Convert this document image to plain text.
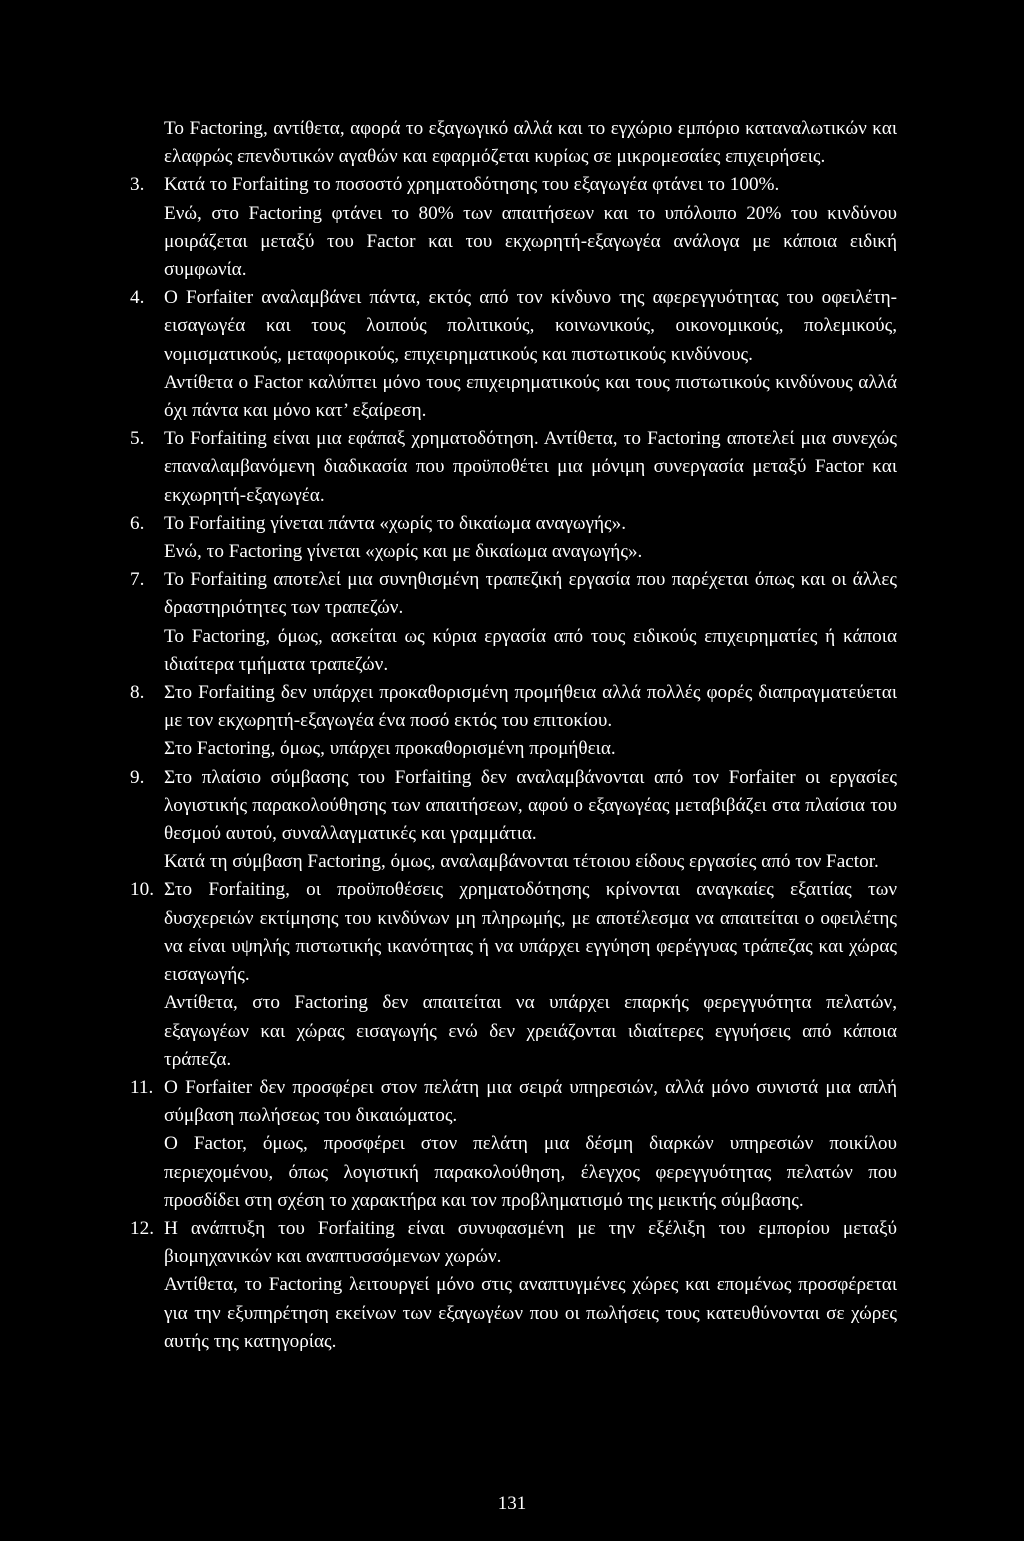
Το Factoring, αντίθετα, αφορά το εξαγωγικό αλλά και το εγχώριο εμπόριο καταναλωτικών και ελαφρώς επενδυτικών αγαθών και εφαρμόζεται κυρίως σε μικρομεσαίες επιχειρήσεις.
3. Κατά το Forfaiting το ποσοστό χρηματοδότησης του εξαγωγέα φτάνει το 100%.
Ενώ, στο Factoring φτάνει το 80% των απαιτήσεων και το υπόλοιπο 20% του κινδύνου μοιράζεται μεταξύ του Factor και του εκχωρητή-εξαγωγέα ανάλογα με κάποια ειδική συμφωνία.
4. Ο Forfaiter αναλαμβάνει πάντα, εκτός από τον κίνδυνο της αφερεγγυότητας του οφειλέτη-εισαγωγέα και τους λοιπούς πολιτικούς, κοινωνικούς, οικονομικούς, πολεμικούς, νομισματικούς, μεταφορικούς, επιχειρηματικούς και πιστωτικούς κινδύνους.
Αντίθετα ο Factor καλύπτει μόνο τους επιχειρηματικούς και τους πιστωτικούς κινδύνους αλλά όχι πάντα και μόνο κατ’ εξαίρεση.
5. Το Forfaiting είναι μια εφάπαξ χρηματοδότηση. Αντίθετα, το Factoring αποτελεί μια συνεχώς επαναλαμβανόμενη διαδικασία που προϋποθέτει μια μόνιμη συνεργασία μεταξύ Factor και εκχωρητή-εξαγωγέα.
6. Το Forfaiting γίνεται πάντα «χωρίς το δικαίωμα αναγωγής».
Ενώ, το Factoring γίνεται «χωρίς και με δικαίωμα αναγωγής».
7. Το Forfaiting αποτελεί μια συνηθισμένη τραπεζική εργασία που παρέχεται όπως και οι άλλες δραστηριότητες των τραπεζών.
Το Factoring, όμως, ασκείται ως κύρια εργασία από τους ειδικούς επιχειρηματίες ή κάποια ιδιαίτερα τμήματα τραπεζών.
8. Στο Forfaiting δεν υπάρχει προκαθορισμένη προμήθεια αλλά πολλές φορές διαπραγματεύεται με τον εκχωρητή-εξαγωγέα ένα ποσό εκτός του επιτοκίου.
Στο Factoring, όμως, υπάρχει προκαθορισμένη προμήθεια.
9. Στο πλαίσιο σύμβασης του Forfaiting δεν αναλαμβάνονται από τον Forfaiter οι εργασίες λογιστικής παρακολούθησης των απαιτήσεων, αφού ο εξαγωγέας μεταβιβάζει στα πλαίσια του θεσμού αυτού, συναλλαγματικές και γραμμάτια.
Κατά τη σύμβαση Factoring, όμως, αναλαμβάνονται τέτοιου είδους εργασίες από τον Factor.
10. Στο Forfaiting, οι προϋποθέσεις χρηματοδότησης κρίνονται αναγκαίες εξαιτίας των δυσχερειών εκτίμησης του κινδύνων μη πληρωμής, με αποτέλεσμα να απαιτείται ο οφειλέτης να είναι υψηλής πιστωτικής ικανότητας ή να υπάρχει εγγύηση φερέγγυας τράπεζας και χώρας εισαγωγής.
Αντίθετα, στο Factoring δεν απαιτείται να υπάρχει επαρκής φερεγγυότητα πελατών, εξαγωγέων και χώρας εισαγωγής ενώ δεν χρειάζονται ιδιαίτερες εγγυήσεις από κάποια τράπεζα.
11. Ο Forfaiter δεν προσφέρει στον πελάτη μια σειρά υπηρεσιών, αλλά μόνο συνιστά μια απλή σύμβαση πωλήσεως του δικαιώματος.
Ο Factor, όμως, προσφέρει στον πελάτη μια δέσμη διαρκών υπηρεσιών ποικίλου περιεχομένου, όπως λογιστική παρακολούθηση, έλεγχος φερεγγυότητας πελατών που προσδίδει στη σχέση το χαρακτήρα και τον προβληματισμό της μεικτής σύμβασης.
12. Η ανάπτυξη του Forfaiting είναι συνυφασμένη με την εξέλιξη του εμπορίου μεταξύ βιομηχανικών και αναπτυσσόμενων χωρών.
Αντίθετα, το Factoring λειτουργεί μόνο στις αναπτυγμένες χώρες και επομένως προσφέρεται για την εξυπηρέτηση εκείνων των εξαγωγέων που οι πωλήσεις τους κατευθύνονται σε χώρες αυτής της κατηγορίας.
131
